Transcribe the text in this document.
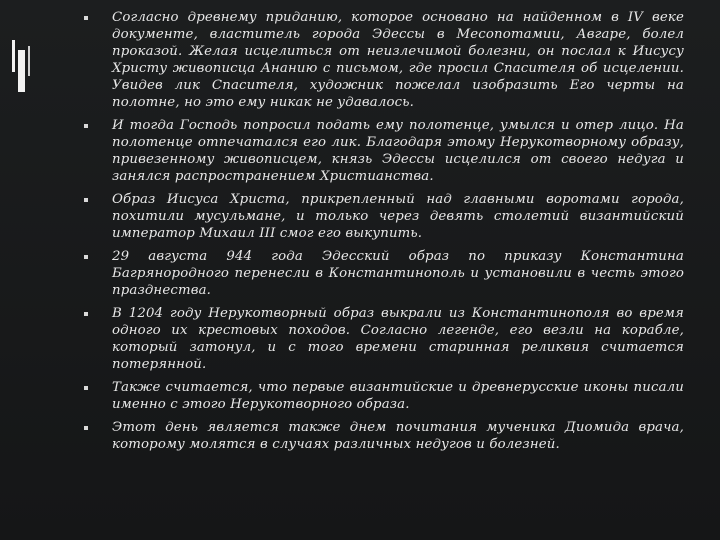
Согласно древнему приданию, которое основано на найденном в IV веке документе, властитель города Эдессы в Месопотамии, Авгаре, болел проказой. Желая исцелиться от неизлечимой болезни, он послал к Иисусу Христу живописца Ананию с письмом, где просил Спасителя об исцелении. Увидев лик Спасителя, художник пожелал изобразить Его черты на полотне, но это ему никак не удавалось.
И тогда Господь попросил подать ему полотенце, умылся и отер лицо. На полотенце отпечатался его лик. Благодаря этому Нерукотворному образу, привезенному живописцем, князь Эдессы исцелился от своего недуга и занялся распространением Христианства.
Образ Иисуса Христа, прикрепленный над главными воротами города, похитили мусульмане, и только через девять столетий византийский император Михаил III смог его выкупить.
29 августа 944 года Эдесский образ по приказу Константина Багрянородного перенесли в Константинополь и установили в честь этого празднества.
В 1204 году Нерукотворный образ выкрали из Константинополя во время одного их крестовых походов. Согласно легенде, его везли на корабле, который затонул, и с того времени старинная реликвия считается потерянной.
Также считается, что первые византийские и древнерусские иконы писали именно с этого Нерукотворного образа.
Этот день является также днем почитания мученика Диомида врача, которому молятся в случаях различных недугов и болезней.
